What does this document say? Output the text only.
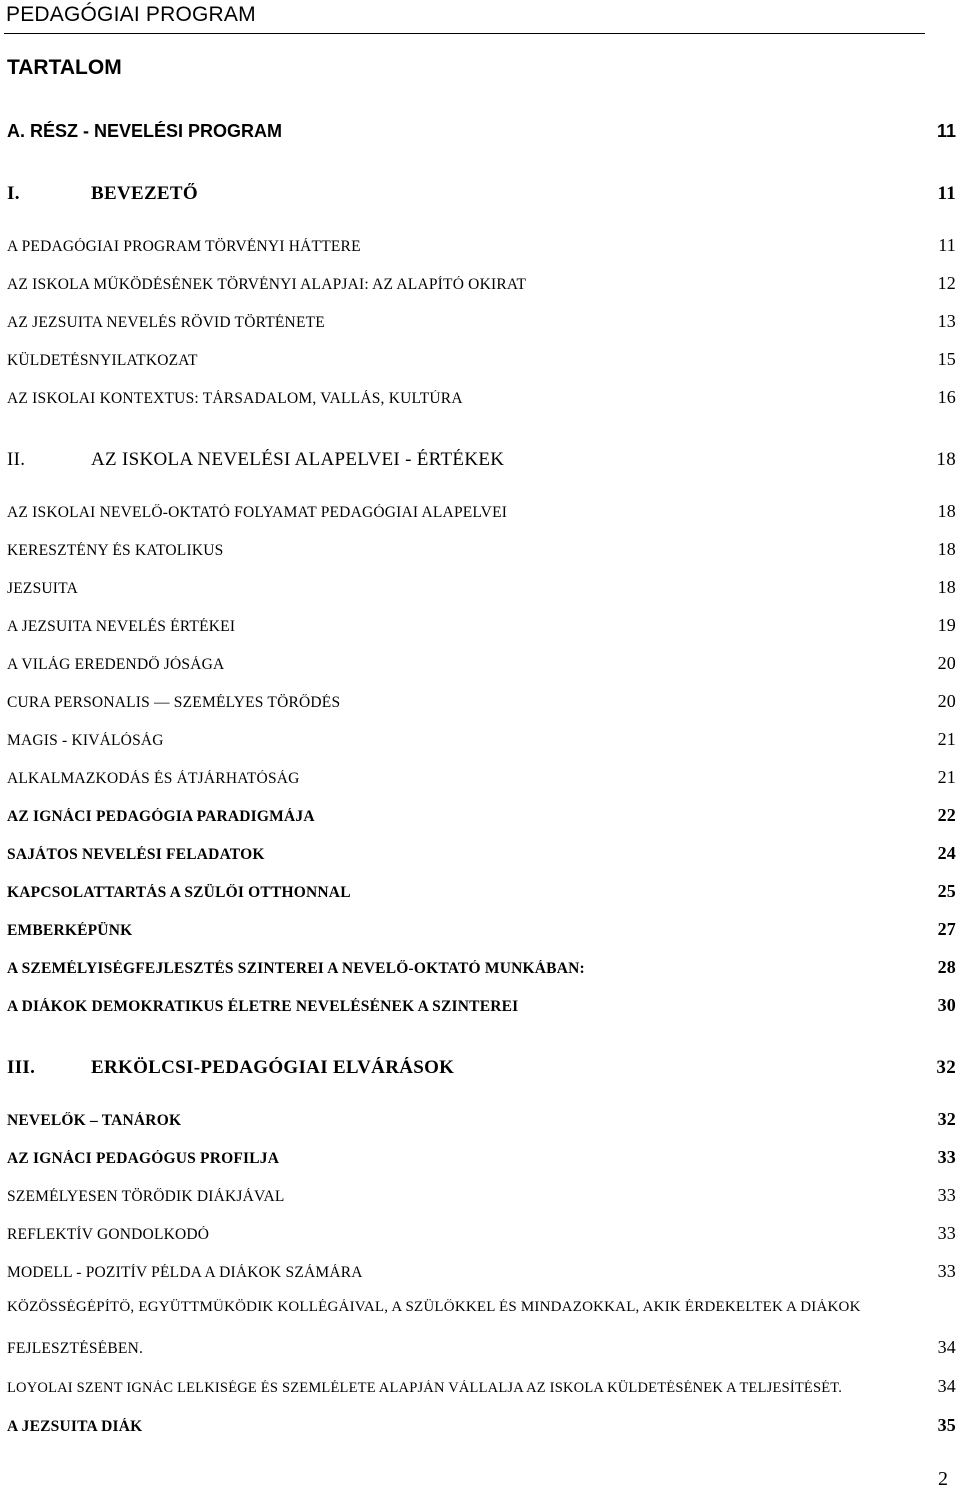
PEDAGÓGIAI PROGRAM
TARTALOM
A. RÉSZ - NEVELÉSI PROGRAM	11
I.	BEVEZETŐ	11
A PEDAGÓGIAI PROGRAM TÖRVÉNYI HÁTTERE	11
AZ ISKOLA MŰKÖDÉSÉNEK TÖRVÉNYI ALAPJAI: AZ ALAPÍTÓ OKIRAT	12
AZ JEZSUITA NEVELÉS RÖVID TÖRTÉNETE	13
KÜLDETÉSNYILATKOZAT	15
AZ ISKOLAI KONTEXTUS: TÁRSADALOM, VALLÁS, KULTÚRA	16
II.	AZ ISKOLA NEVELÉSI ALAPELVEI - ÉRTÉKEK	18
AZ ISKOLAI NEVELŐ-OKTATÓ FOLYAMAT PEDAGÓGIAI ALAPELVEI	18
KERESZTÉNY ÉS KATOLIKUS	18
JEZSUITA	18
A JEZSUITA NEVELÉS ÉRTÉKEI	19
A VILÁG EREDENDŐ JÓSÁGA	20
CURA PERSONALIS — SZEMÉLYES TÖRŐDÉS	20
MAGIS - KIVÁLÓSÁG	21
ALKALMAZKODÁS ÉS ÁTJÁRHATÓSÁG	21
AZ IGNÁCI PEDAGÓGIA PARADIGMÁJA	22
SAJÁTOS NEVELÉSI FELADATOK	24
KAPCSOLATTARTÁS A SZÜLŐI OTTHONNAL	25
EMBERKÉPÜNK	27
A SZEMÉLYISÉGFEJLESZTÉS SZINTEREI A NEVELŐ-OKTATÓ MUNKÁBAN:	28
A DIÁKOK DEMOKRATIKUS ÉLETRE NEVELÉSÉNEK A SZINTEREI	30
III.	ERKÖLCSI-PEDAGÓGIAI ELVÁRÁSOK	32
NEVELŐK – TANÁROK	32
AZ IGNÁCI PEDAGÓGUS PROFILJA	33
SZEMÉLYESEN TÖRŐDIK DIÁKJÁVAL	33
REFLEKTÍV GONDOLKODÓ	33
MODELL - POZITÍV PÉLDA A DIÁKOK SZÁMÁRA	33
KÖZÖSSÉGÉPÍTŐ, EGYÜTTMŰKÖDIK KOLLÉGÁIVAL, A SZÜLŐKKEL ÉS MINDAZOKKAL, AKIK ÉRDEKELTEK A DIÁKOK
FEJLESZTÉSÉBEN.	34
LOYOLAI SZENT IGNÁC LELKISÉGE ÉS SZEMLÉLETE ALAPJÁN VÁLLALJA AZ ISKOLA KÜLDETÉSÉNEK A TELJESÍTÉSÉT.	34
A JEZSUITA DIÁK	35
2
